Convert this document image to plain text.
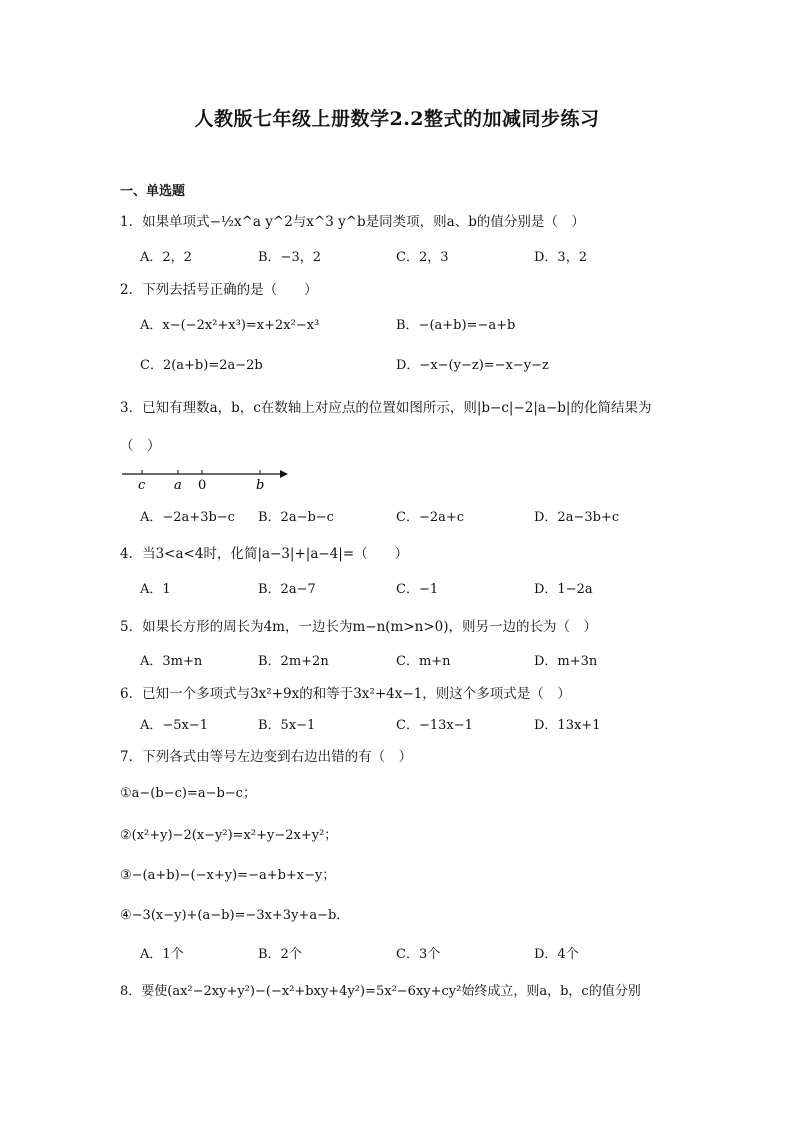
人教版七年级上册数学2.2整式的加减同步练习
一、单选题
1．如果单项式−½x^a y^2与x^3 y^b是同类项，则a、b的值分别是（　）
A．2，2	B．−3，2	C．2，3	D．3，2
2．下列去括号正确的是（　　）
A．x−(−2x²+x³)=x+2x²−x³	B．−(a+b)=−a+b
C．2(a+b)=2a−2b	D．−x−(y−z)=−x−y−z
3．已知有理数a，b，c在数轴上对应点的位置如图所示，则|b−c|−2|a−b|的化简结果为
（　）
c a 0	b
A．−2a+3b−c B．2a−b−c	C．−2a+c	D．2a−3b+c
4．当3<a<4时，化简|a−3|+|a−4|=（　　）
A．1	B．2a−7	C．−1	D．1−2a
5．如果长方形的周长为4m，一边长为m−n(m>n>0)，则另一边的长为（　）
A．3m+n	B．2m+2n	C．m+n	D．m+3n
6．已知一个多项式与3x²+9x的和等于3x²+4x−1，则这个多项式是（　）
A．−5x−1	B．5x−1	C．−13x−1	D．13x+1
7．下列各式由等号左边变到右边出错的有（　）
①a−(b−c)=a−b−c；
②(x²+y)−2(x−y²)=x²+y−2x+y²；
③−(a+b)−(−x+y)=−a+b+x−y；
④−3(x−y)+(a−b)=−3x+3y+a−b．
A．1个	B．2个	C．3个	D．4个
8．要使(ax²−2xy+y²)−(−x²+bxy+4y²)=5x²−6xy+cy²始终成立，则a，b，c的值分别
